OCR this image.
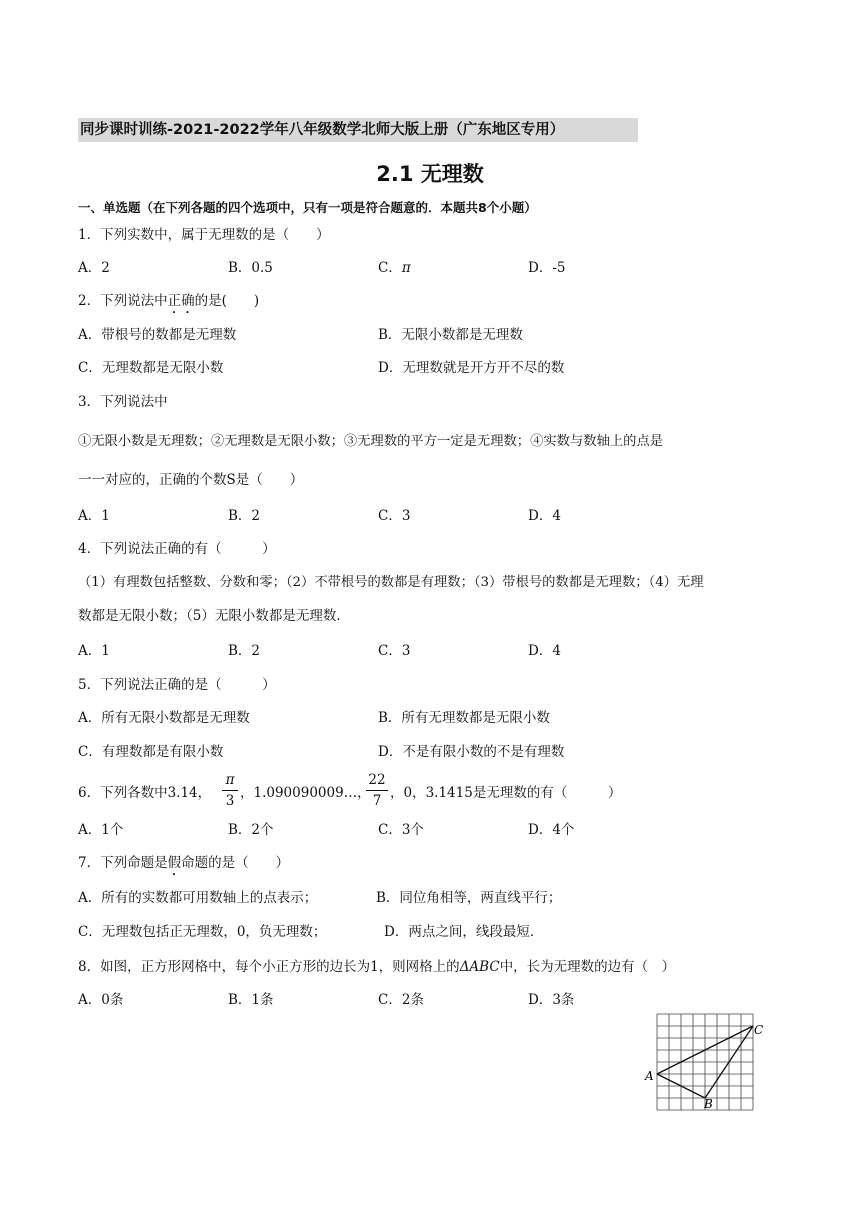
同步课时训练-2021-2022学年八年级数学北师大版上册（广东地区专用）
2.1 无理数
一、单选题（在下列各题的四个选项中，只有一项是符合题意的．本题共8个小题）
1．下列实数中，属于无理数的是（　　）
A．2	B．0.5	C．π	D．-5
2．下列说法中正确的是(　　)
A．带根号的数都是无理数	B．无限小数都是无理数
C．无理数都是无限小数	D．无理数就是开方开不尽的数
3．下列说法中
①无限小数是无理数；②无理数是无限小数；③无理数的平方一定是无理数；④实数与数轴上的点是
一一对应的，正确的个数S是（　　）
A．1	B．2	C．3	D．4
4．下列说法正确的有（　　　）
（1）有理数包括整数、分数和零；（2）不带根号的数都是有理数；（3）带根号的数都是无理数；（4）无理
数都是无限小数；（5）无限小数都是无理数．
A．1	B．2	C．3	D．4
5．下列说法正确的是（　　　）
A．所有无限小数都是无理数	B．所有无理数都是无限小数
C．有理数都是有限小数	D．不是有限小数的不是有理数
6．下列各数中3.14，
π
3 ，1.090090009…，
22
7 ，0，3.1415是无理数的有（　　　）
A．1个	B．2个	C．3个	D．4个
7．下列命题是假命题的是（　　）
A．所有的实数都可用数轴上的点表示；	B．同位角相等，两直线平行；
C．无理数包括正无理数，0，负无理数；	D．两点之间，线段最短．
8．如图，正方形网格中，每个小正方形的边长为1，则网格上的ΔABC中，长为无理数的边有（　）
A．0条	B．1条	C．2条	D．3条
A
B
C
